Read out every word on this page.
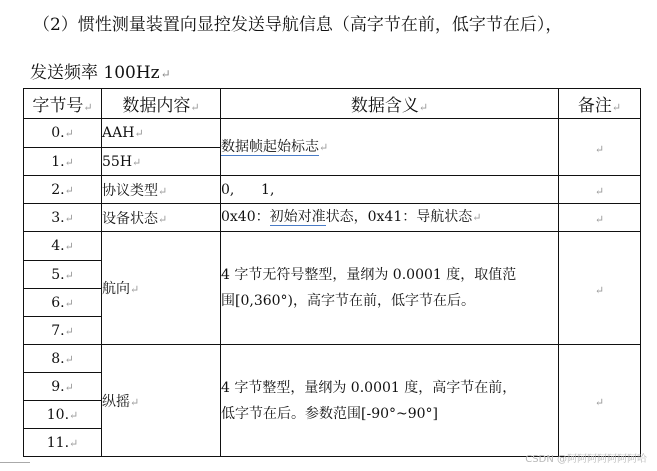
（2）惯性测量装置向显控发送导航信息（高字节在前，低字节在后），
发送频率 100Hz↵
字节号↵	数据内容↵	数据含义↵	备注↵
0.↵	AAH↵	数据帧起始标志↵	↵
1.↵	55H↵		
2.↵	协议类型↵	0,      1,	↵
3.↵	设备状态↵	0x40：初始对准状态，0x41：导航状态↵	↵
4.↵	航向↵	4 字节无符号整型，量纲为 0.0001 度，取值范
围[0,360°)，高字节在前，低字节在后。	↵
5.↵			
6.↵			
7.↵			
8.↵	纵摇↵	4 字节整型，量纲为 0.0001 度，高字节在前，
低字节在后。参数范围[-90°~90°]	↵
9.↵			
10.↵			
11.↵			
CSDN @阿阿阿阿阿阿阿哈
